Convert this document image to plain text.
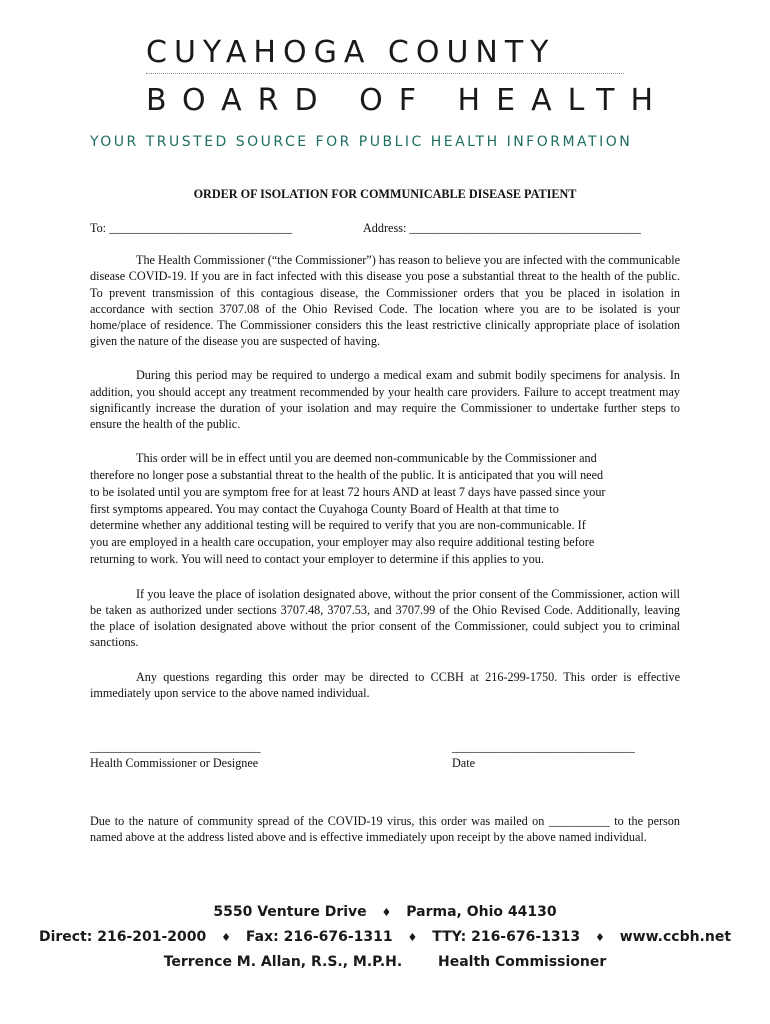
CUYAHOGA COUNTY
BOARD OF HEALTH
YOUR TRUSTED SOURCE FOR PUBLIC HEALTH INFORMATION
ORDER OF ISOLATION FOR COMMUNICABLE DISEASE PATIENT
To: ______________________________	Address: ______________________________________

The Health Commissioner (“the Commissioner”) has reason to believe you are infected with the communicable disease COVID-19. If you are in fact infected with this disease you pose a substantial threat to the health of the public. To prevent transmission of this contagious disease, the Commissioner orders that you be placed in isolation in accordance with section 3707.08 of the Ohio Revised Code. The location where you are to be isolated is your home/place of residence. The Commissioner considers this the least restrictive clinically appropriate place of isolation given the nature of the disease you are suspected of having.

During this period may be required to undergo a medical exam and submit bodily specimens for analysis. In addition, you should accept any treatment recommended by your health care providers. Failure to accept treatment may significantly increase the duration of your isolation and may require the Commissioner to undertake further steps to ensure the health of the public.

This order will be in effect until you are deemed non-communicable by the Commissioner and
therefore no longer pose a substantial threat to the health of the public. It is anticipated that you will need
to be isolated until you are symptom free for at least 72 hours AND at least 7 days have passed since your
first symptoms appeared. You may contact the Cuyahoga County Board of Health at that time to
determine whether any additional testing will be required to verify that you are non-communicable. If
you are employed in a health care occupation, your employer may also require additional testing before
returning to work. You will need to contact your employer to determine if this applies to you.

If you leave the place of isolation designated above, without the prior consent of the Commissioner, action will be taken as authorized under sections 3707.48, 3707.53, and 3707.99 of the Ohio Revised Code. Additionally, leaving the place of isolation designated above without the prior consent of the Commissioner, could subject you to criminal sanctions.

Any questions regarding this order may be directed to CCBH at 216-299-1750. This order is effective immediately upon service to the above named individual.

____________________________
Health Commissioner or Designee
______________________________
Date

Due to the nature of community spread of the COVID-19 virus, this order was mailed on __________ to the person named above at the address listed above and is effective immediately upon receipt by the above named individual.

5550 Venture Drive ♦ Parma, Ohio 44130
Direct: 216-201-2000 ♦ Fax: 216-676-1311 ♦ TTY: 216-676-1313 ♦ www.ccbh.net
Terrence M. Allan, R.S., M.P.H.	Health Commissioner
